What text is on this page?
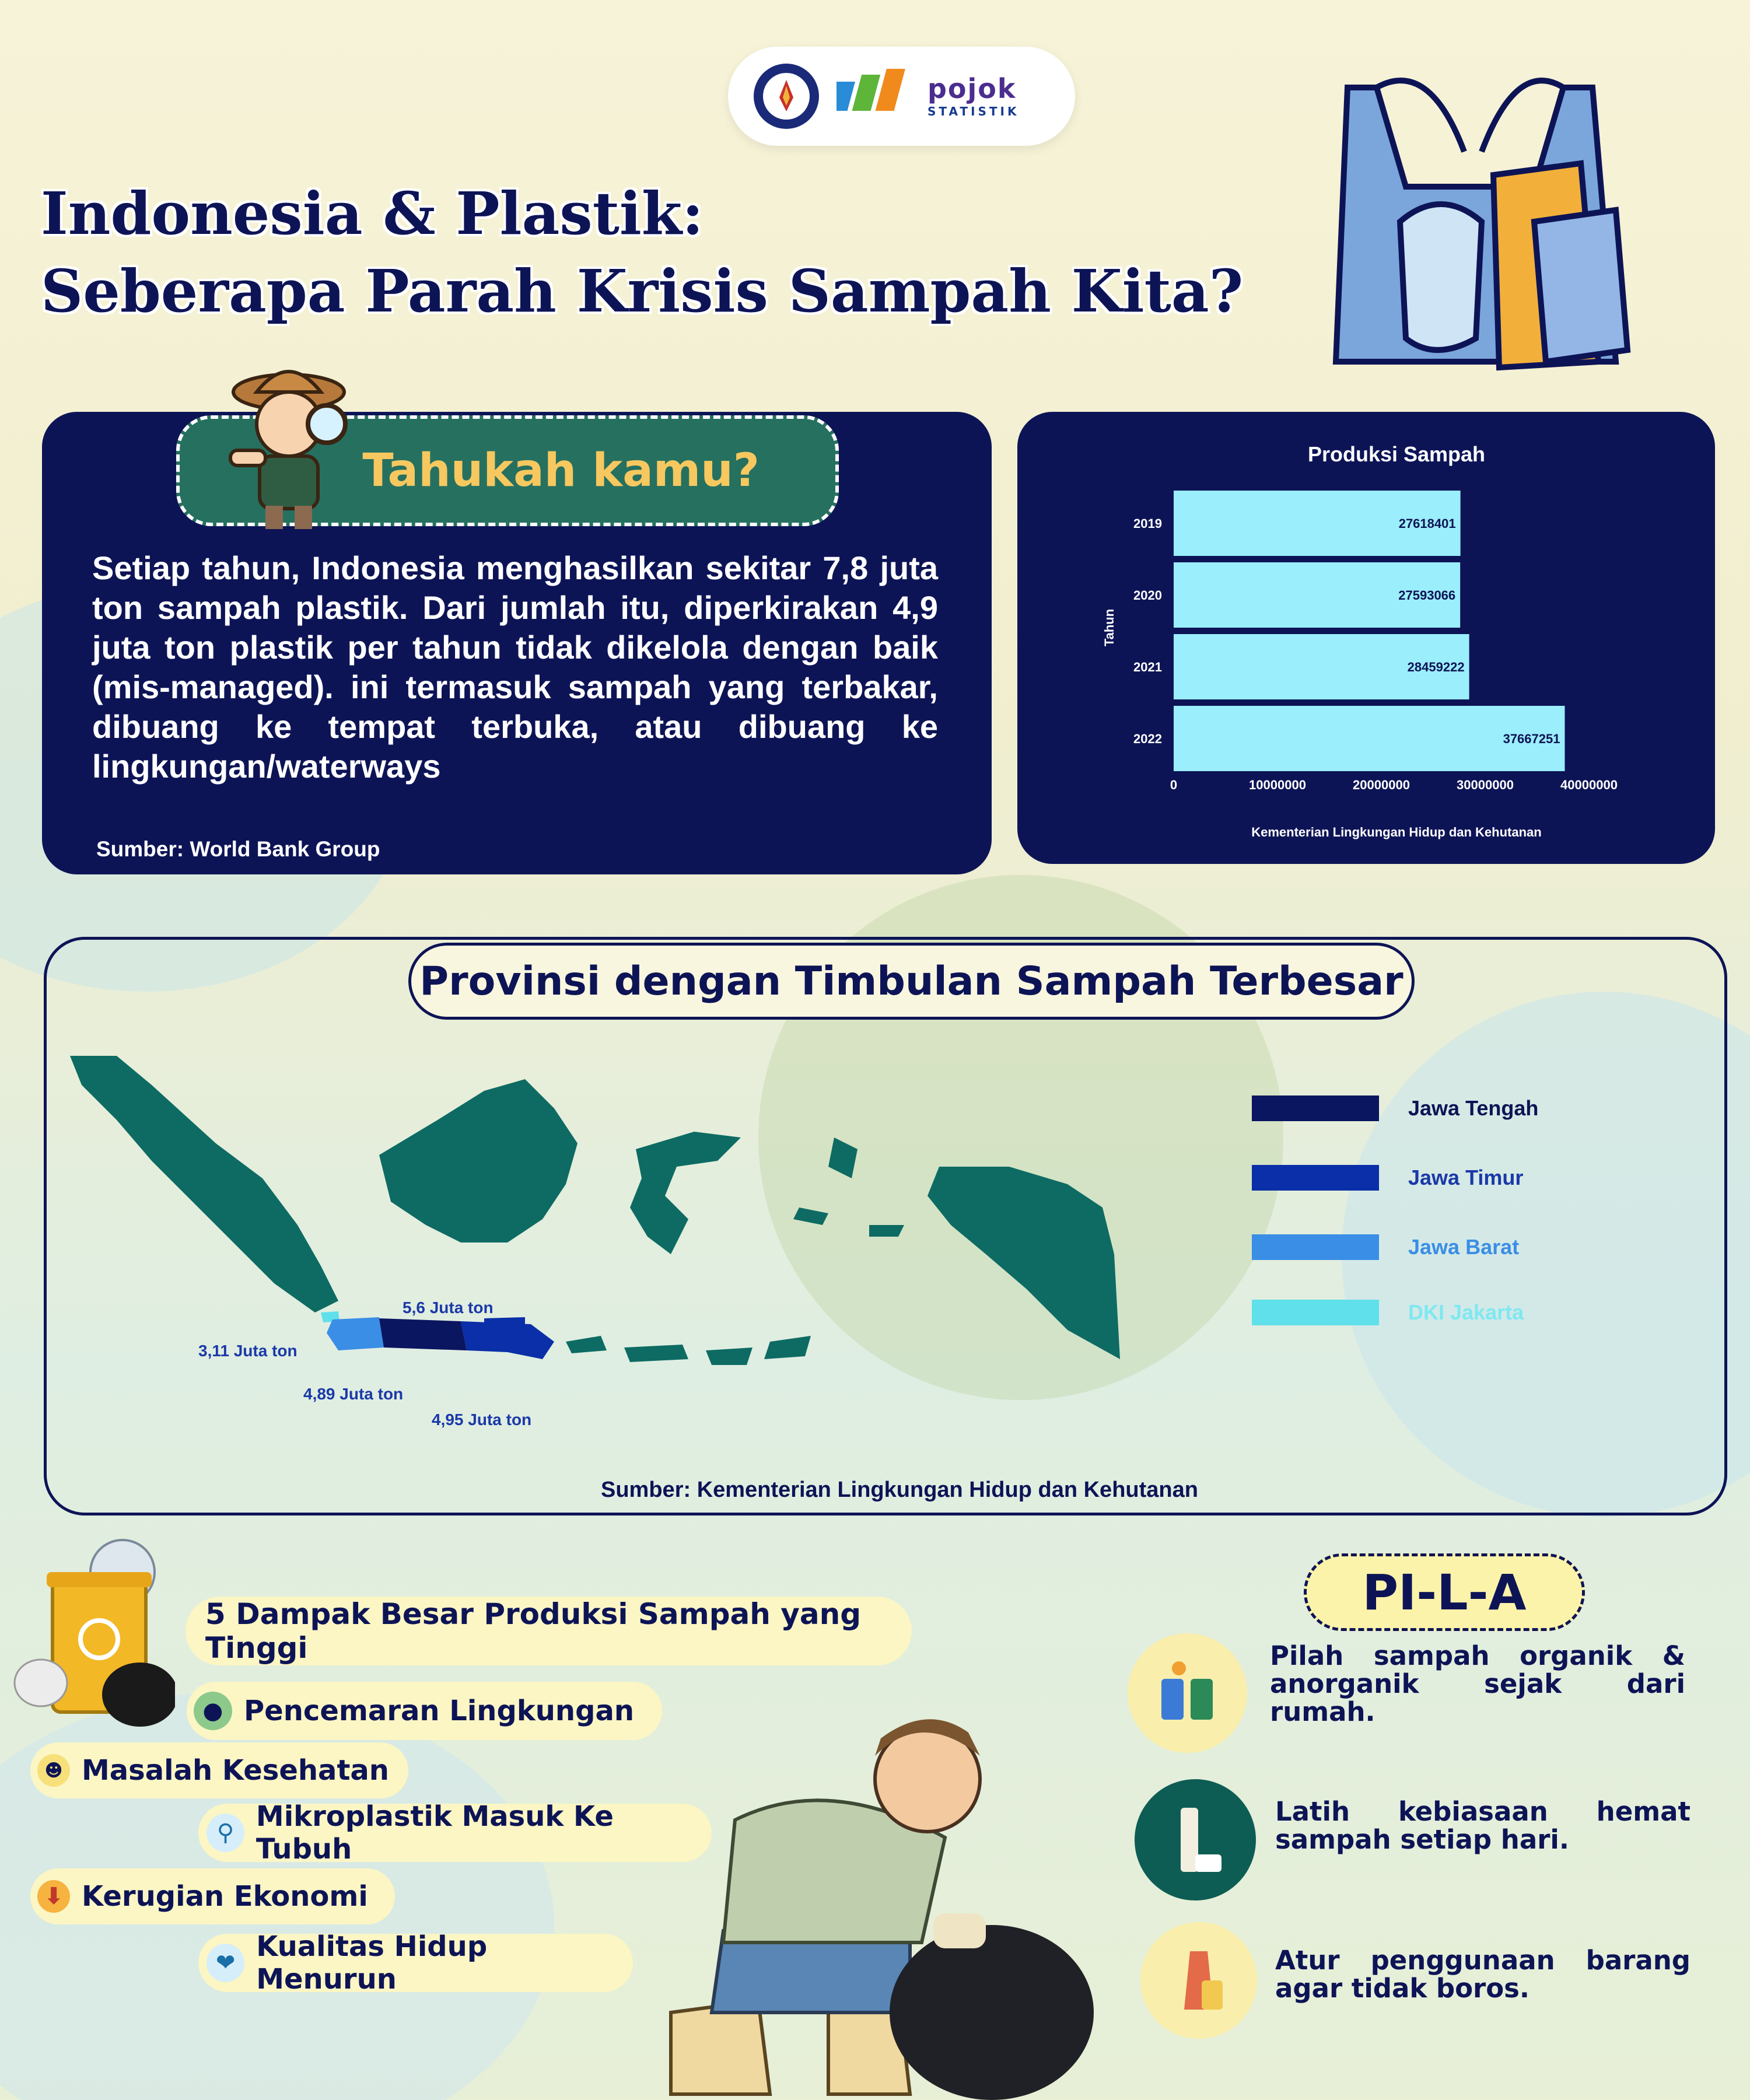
pojok
STATISTIK
Indonesia & Plastik:
Seberapa Parah Krisis Sampah Kita?
Tahukah kamu?
Setiap tahun, Indonesia menghasilkan sekitar 7,8 juta ton sampah plastik. Dari jumlah itu, diperkirakan 4,9 juta ton plastik per tahun tidak dikelola dengan baik (mis-managed). ini termasuk sampah yang terbakar, dibuang ke tempat terbuka, atau dibuang ke lingkungan/waterways
Sumber: World Bank Group
Produksi Sampah
Tahun
27618401
2019
27593066
2020
28459222
2021
37667251
2022
0	10000000	20000000	30000000	40000000
Kementerian Lingkungan Hidup dan Kehutanan
Provinsi dengan Timbulan Sampah Terbesar
5,6 Juta ton
3,11 Juta ton
4,89 Juta ton
4,95 Juta ton
Jawa Tengah
Jawa Timur
Jawa Barat
DKI Jakarta
Sumber: Kementerian Lingkungan Hidup dan Kehutanan
5 Dampak Besar Produksi Sampah yang Tinggi
● Pencemaran Lingkungan
☻ Masalah Kesehatan
⚲ Mikroplastik Masuk Ke Tubuh
⬇ Kerugian Ekonomi
❤ Kualitas Hidup Menurun
PI-L-A
Pilah sampah organik & anorganik sejak dari rumah.
Latih kebiasaan hemat sampah setiap hari.
Atur penggunaan barang agar tidak boros.
